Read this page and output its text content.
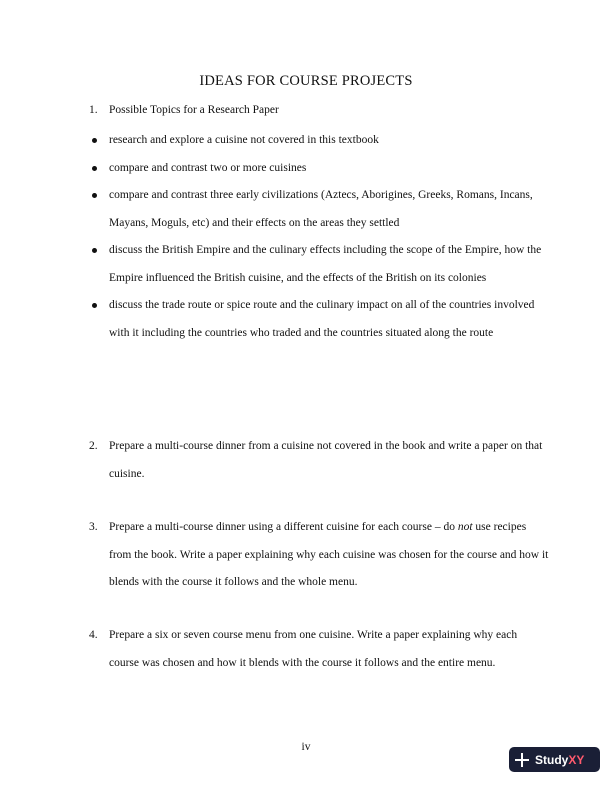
IDEAS FOR COURSE PROJECTS
1. Possible Topics for a Research Paper
research and explore a cuisine not covered in this textbook
compare and contrast two or more cuisines
compare and contrast three early civilizations (Aztecs, Aborigines, Greeks, Romans, Incans, Mayans, Moguls, etc) and their effects on the areas they settled
discuss the British Empire and the culinary effects including the scope of the Empire, how the Empire influenced the British cuisine, and the effects of the British on its colonies
discuss the trade route or spice route and the culinary impact on all of the countries involved with it including the countries who traded and the countries situated along the route
2. Prepare a multi-course dinner from a cuisine not covered in the book and write a paper on that cuisine.
3. Prepare a multi-course dinner using a different cuisine for each course – do not use recipes from the book. Write a paper explaining why each cuisine was chosen for the course and how it blends with the course it follows and the whole menu.
4. Prepare a six or seven course menu from one cuisine. Write a paper explaining why each course was chosen and how it blends with the course it follows and the entire menu.
iv
StudyXY
